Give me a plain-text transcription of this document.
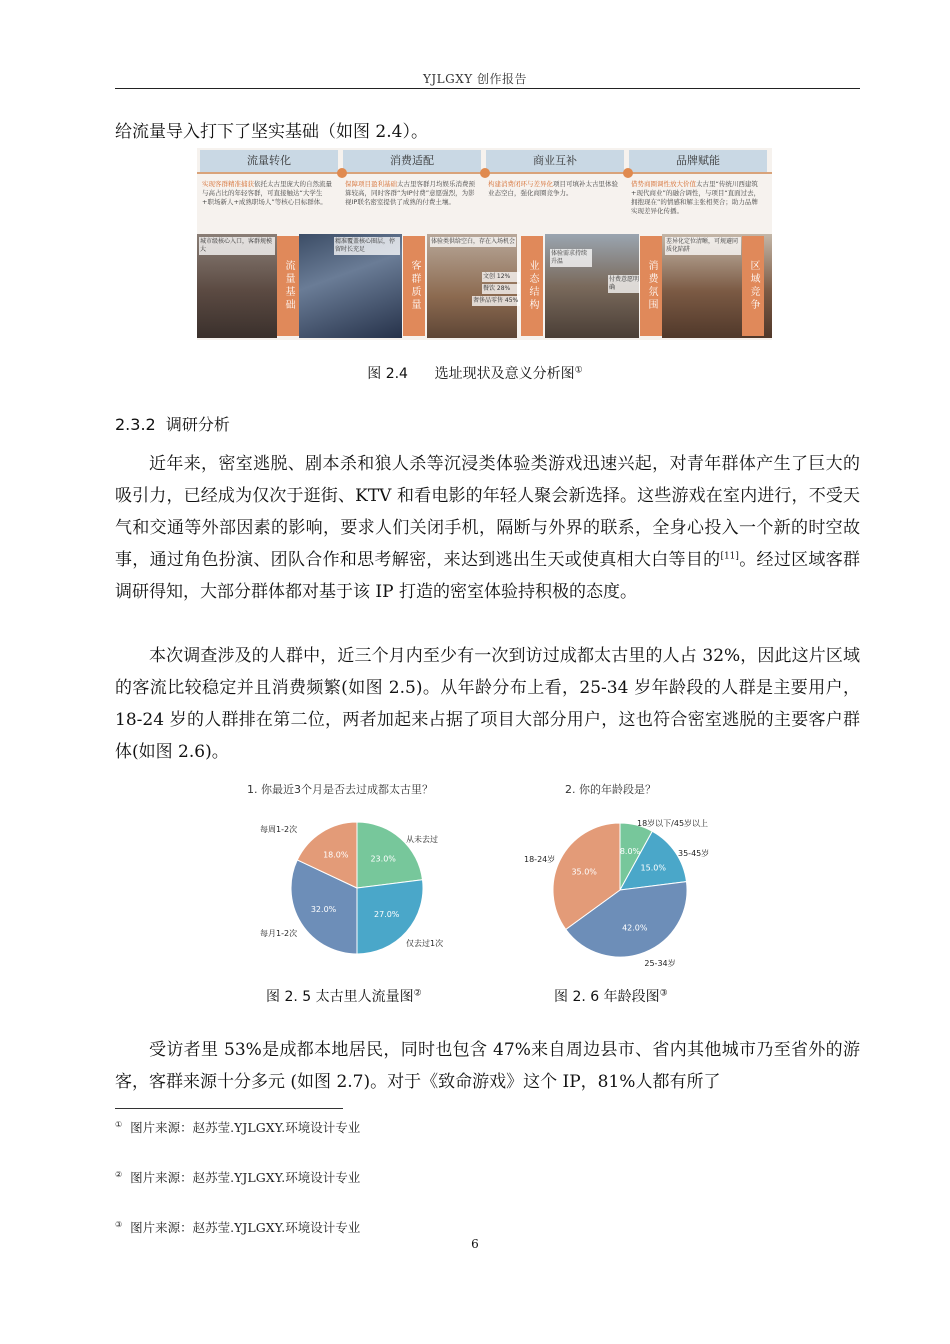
YJLGXY 创作报告
给流量导入打下了坚实基础（如图 2.4）。
流量转化	消费适配	商业互补	品牌赋能
实现客群精准捕获依托太古里庞大的自然流量与高占比的年轻客群，可直接触达“大学生+职场新人+成熟职场人”等核心目标群体。
保障项目盈利基础太古里客群月均娱乐消费预算较高，同时客群“为IP付费”意愿强烈，为影视IP联名密室提供了成熟的付费土壤。
构建消费闭环与差异化项目可填补太古里体验业态空白，强化商圈竞争力。
借势商圈调性放大价值太古里“传统川西建筑+现代商业”的融合调性，与项目“直面过去，拥抱现在”的情感和解主张相契合；助力品牌实现差异化传播。
流量基础	客群质量	业态结构	消费氛围	区域竞争
城市级核心入口，客群规模大
精准覆盖核心圈层，停留时长充足
体验类供给空白，存在入场机会
体验需求持续升温
付费意愿明确
差异化定位清晰，可规避同质化陷阱
文创 12%
餐饮 28%
奢侈品零售 45%
图 2.4 选址现状及意义分析图①
2.3.2 调研分析
近年来，密室逃脱、剧本杀和狼人杀等沉浸类体验类游戏迅速兴起，对青年群体产生了巨大的吸引力，已经成为仅次于逛街、KTV 和看电影的年轻人聚会新选择。这些游戏在室内进行，不受天气和交通等外部因素的影响，要求人们关闭手机，隔断与外界的联系，全身心投入一个新的时空故事，通过角色扮演、团队合作和思考解密，来达到逃出生天或使真相大白等目的[11]。经过区域客群调研得知，大部分群体都对基于该 IP 打造的密室体验持积极的态度。
本次调查涉及的人群中，近三个月内至少有一次到访过成都太古里的人占 32%，因此这片区域的客流比较稳定并且消费频繁(如图 2.5)。从年龄分布上看，25-34 岁年龄段的人群是主要用户，18-24 岁的人群排在第二位，两者加起来占据了项目大部分用户，这也符合密室逃脱的主要客户群体(如图 2.6)。
1. 你最近3个月是否去过成都太古里？
23.0%
从未去过
27.0%
仅去过1次
32.0%
每月1-2次
18.0%
每周1-2次
2. 你的年龄段是？
8.0%
18岁以下/45岁以上
15.0%
35-45岁
42.0%
25-34岁
35.0%
18-24岁
图 2. 5 太古里人流量图②	图 2. 6 年龄段图③
受访者里 53%是成都本地居民，同时也包含 47%来自周边县市、省内其他城市乃至省外的游客，客群来源十分多元 (如图 2.7)。对于《致命游戏》这个 IP，81%人都有所了
① 图片来源：赵苏莹.YJLGXY.环境设计专业
② 图片来源：赵苏莹.YJLGXY.环境设计专业
③ 图片来源：赵苏莹.YJLGXY.环境设计专业
6
